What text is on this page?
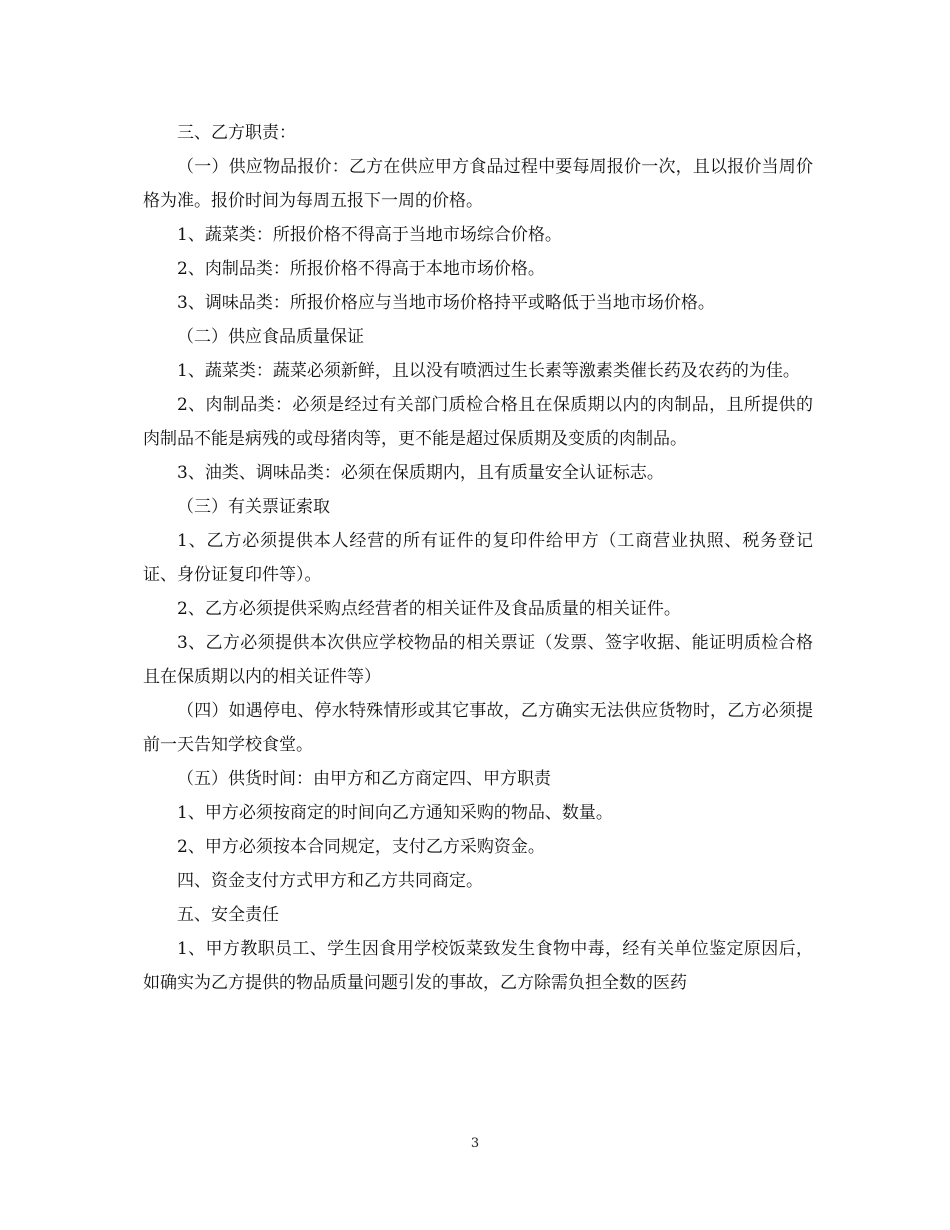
三、乙方职责：

（一）供应物品报价：乙方在供应甲方食品过程中要每周报价一次，且以报价当周价格为准。报价时间为每周五报下一周的价格。

1、蔬菜类：所报价格不得高于当地市场综合价格。

2、肉制品类：所报价格不得高于本地市场价格。

3、调味品类：所报价格应与当地市场价格持平或略低于当地市场价格。

（二）供应食品质量保证

1、蔬菜类：蔬菜必须新鲜，且以没有喷洒过生长素等激素类催长药及农药的为佳。

2、肉制品类：必须是经过有关部门质检合格且在保质期以内的肉制品，且所提供的肉制品不能是病残的或母猪肉等，更不能是超过保质期及变质的肉制品。

3、油类、调味品类：必须在保质期内，且有质量安全认证标志。

（三）有关票证索取

1、乙方必须提供本人经营的所有证件的复印件给甲方（工商营业执照、税务登记证、身份证复印件等）。

2、乙方必须提供采购点经营者的相关证件及食品质量的相关证件。

3、乙方必须提供本次供应学校物品的相关票证（发票、签字收据、能证明质检合格且在保质期以内的相关证件等）

（四）如遇停电、停水特殊情形或其它事故，乙方确实无法供应货物时，乙方必须提前一天告知学校食堂。

（五）供货时间：由甲方和乙方商定四、甲方职责

1、甲方必须按商定的时间向乙方通知采购的物品、数量。

2、甲方必须按本合同规定，支付乙方采购资金。

四、资金支付方式甲方和乙方共同商定。

五、安全责任

1、甲方教职员工、学生因食用学校饭菜致发生食物中毒，经有关单位鉴定原因后，如确实为乙方提供的物品质量问题引发的事故，乙方除需负担全数的医药

3
